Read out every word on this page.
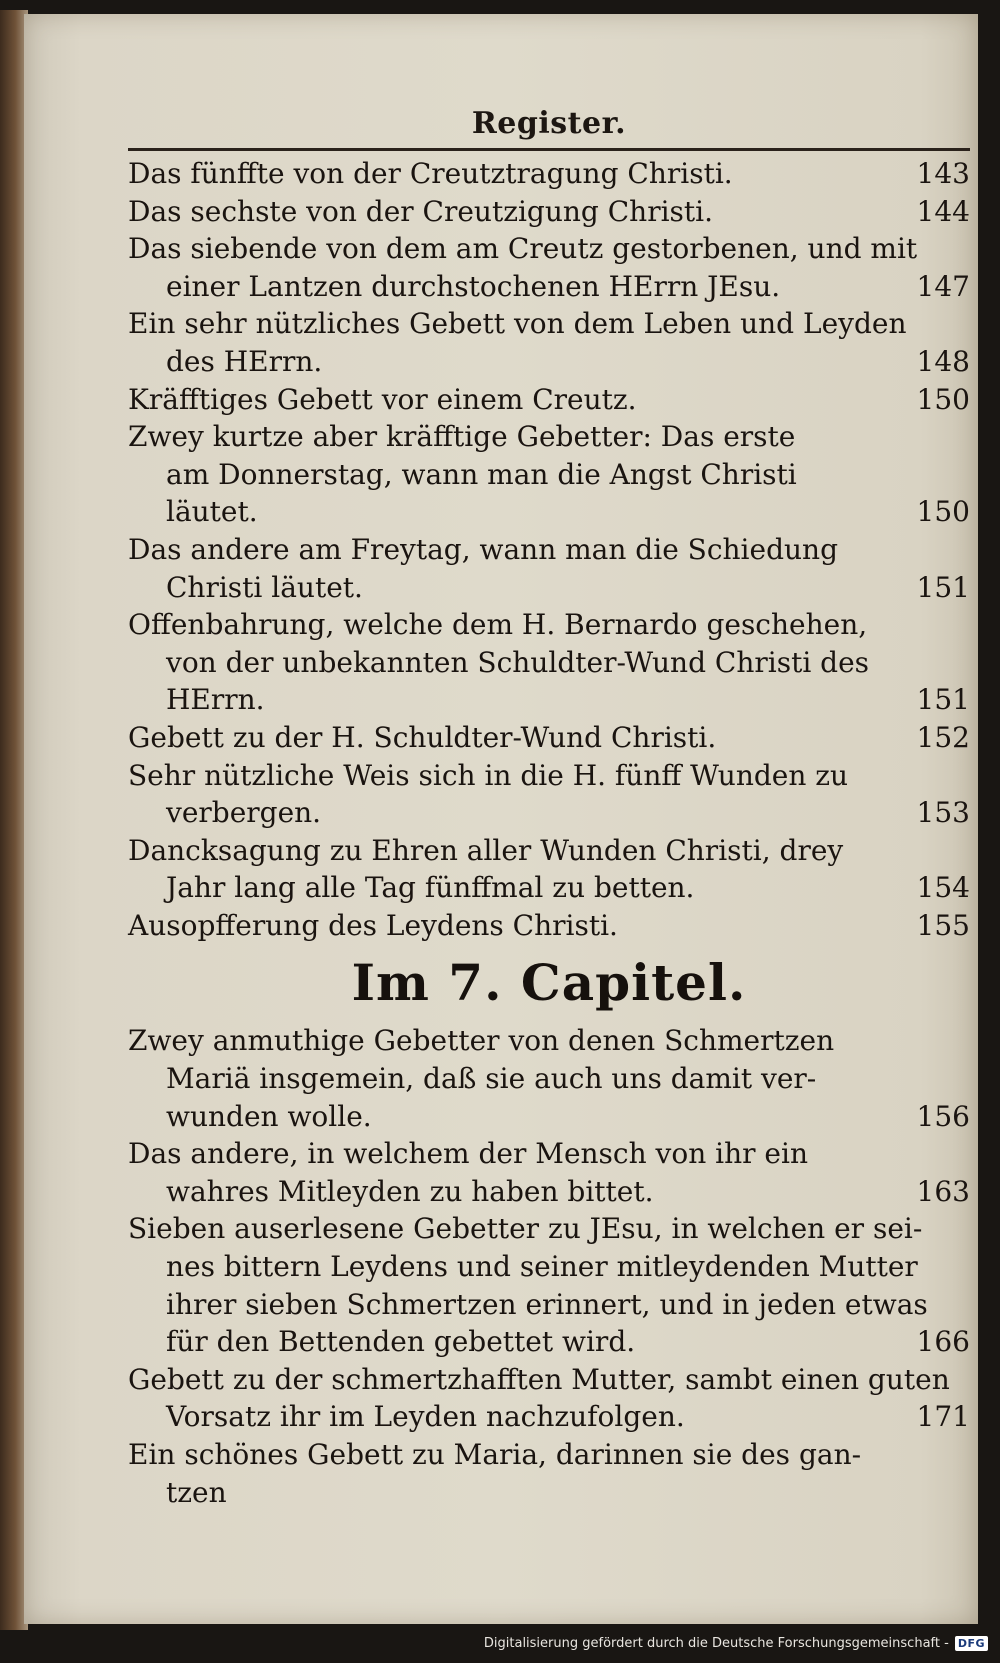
Register.
Das fünffte von der Creutztragung Christi.	143
Das sechste von der Creutzigung Christi.	144
Das siebende von dem am Creutz gestorbenen, und mit
einer Lantzen durchstochenen HErrn JEsu.	147
Ein sehr nützliches Gebett von dem Leben und Leyden
des HErrn.	148
Kräfftiges Gebett vor einem Creutz.	150
Zwey kurtze aber kräfftige Gebetter: Das erste
am Donnerstag, wann man die Angst Christi
läutet.	150
Das andere am Freytag, wann man die Schiedung
Christi läutet.	151
Offenbahrung, welche dem H. Bernardo geschehen,
von der unbekannten Schuldter-Wund Christi des
HErrn.	151
Gebett zu der H. Schuldter-Wund Christi.	152
Sehr nützliche Weis sich in die H. fünff Wunden zu
verbergen.	153
Dancksagung zu Ehren aller Wunden Christi, drey
Jahr lang alle Tag fünffmal zu betten.	154
Ausopfferung des Leydens Christi.	155
Im 7. Capitel.
Zwey anmuthige Gebetter von denen Schmertzen
Mariä insgemein, daß sie auch uns damit ver-
wunden wolle.	156
Das andere, in welchem der Mensch von ihr ein
wahres Mitleyden zu haben bittet.	163
Sieben auserlesene Gebetter zu JEsu, in welchen er sei-
nes bittern Leydens und seiner mitleydenden Mutter
ihrer sieben Schmertzen erinnert, und in jeden etwas
für den Bettenden gebettet wird.	166
Gebett zu der schmertzhafften Mutter, sambt einen guten
Vorsatz ihr im Leyden nachzufolgen.	171
Ein schönes Gebett zu Maria, darinnen sie des gan-
tzen
Digitalisierung gefördert durch die Deutsche Forschungsgemeinschaft - DFG
